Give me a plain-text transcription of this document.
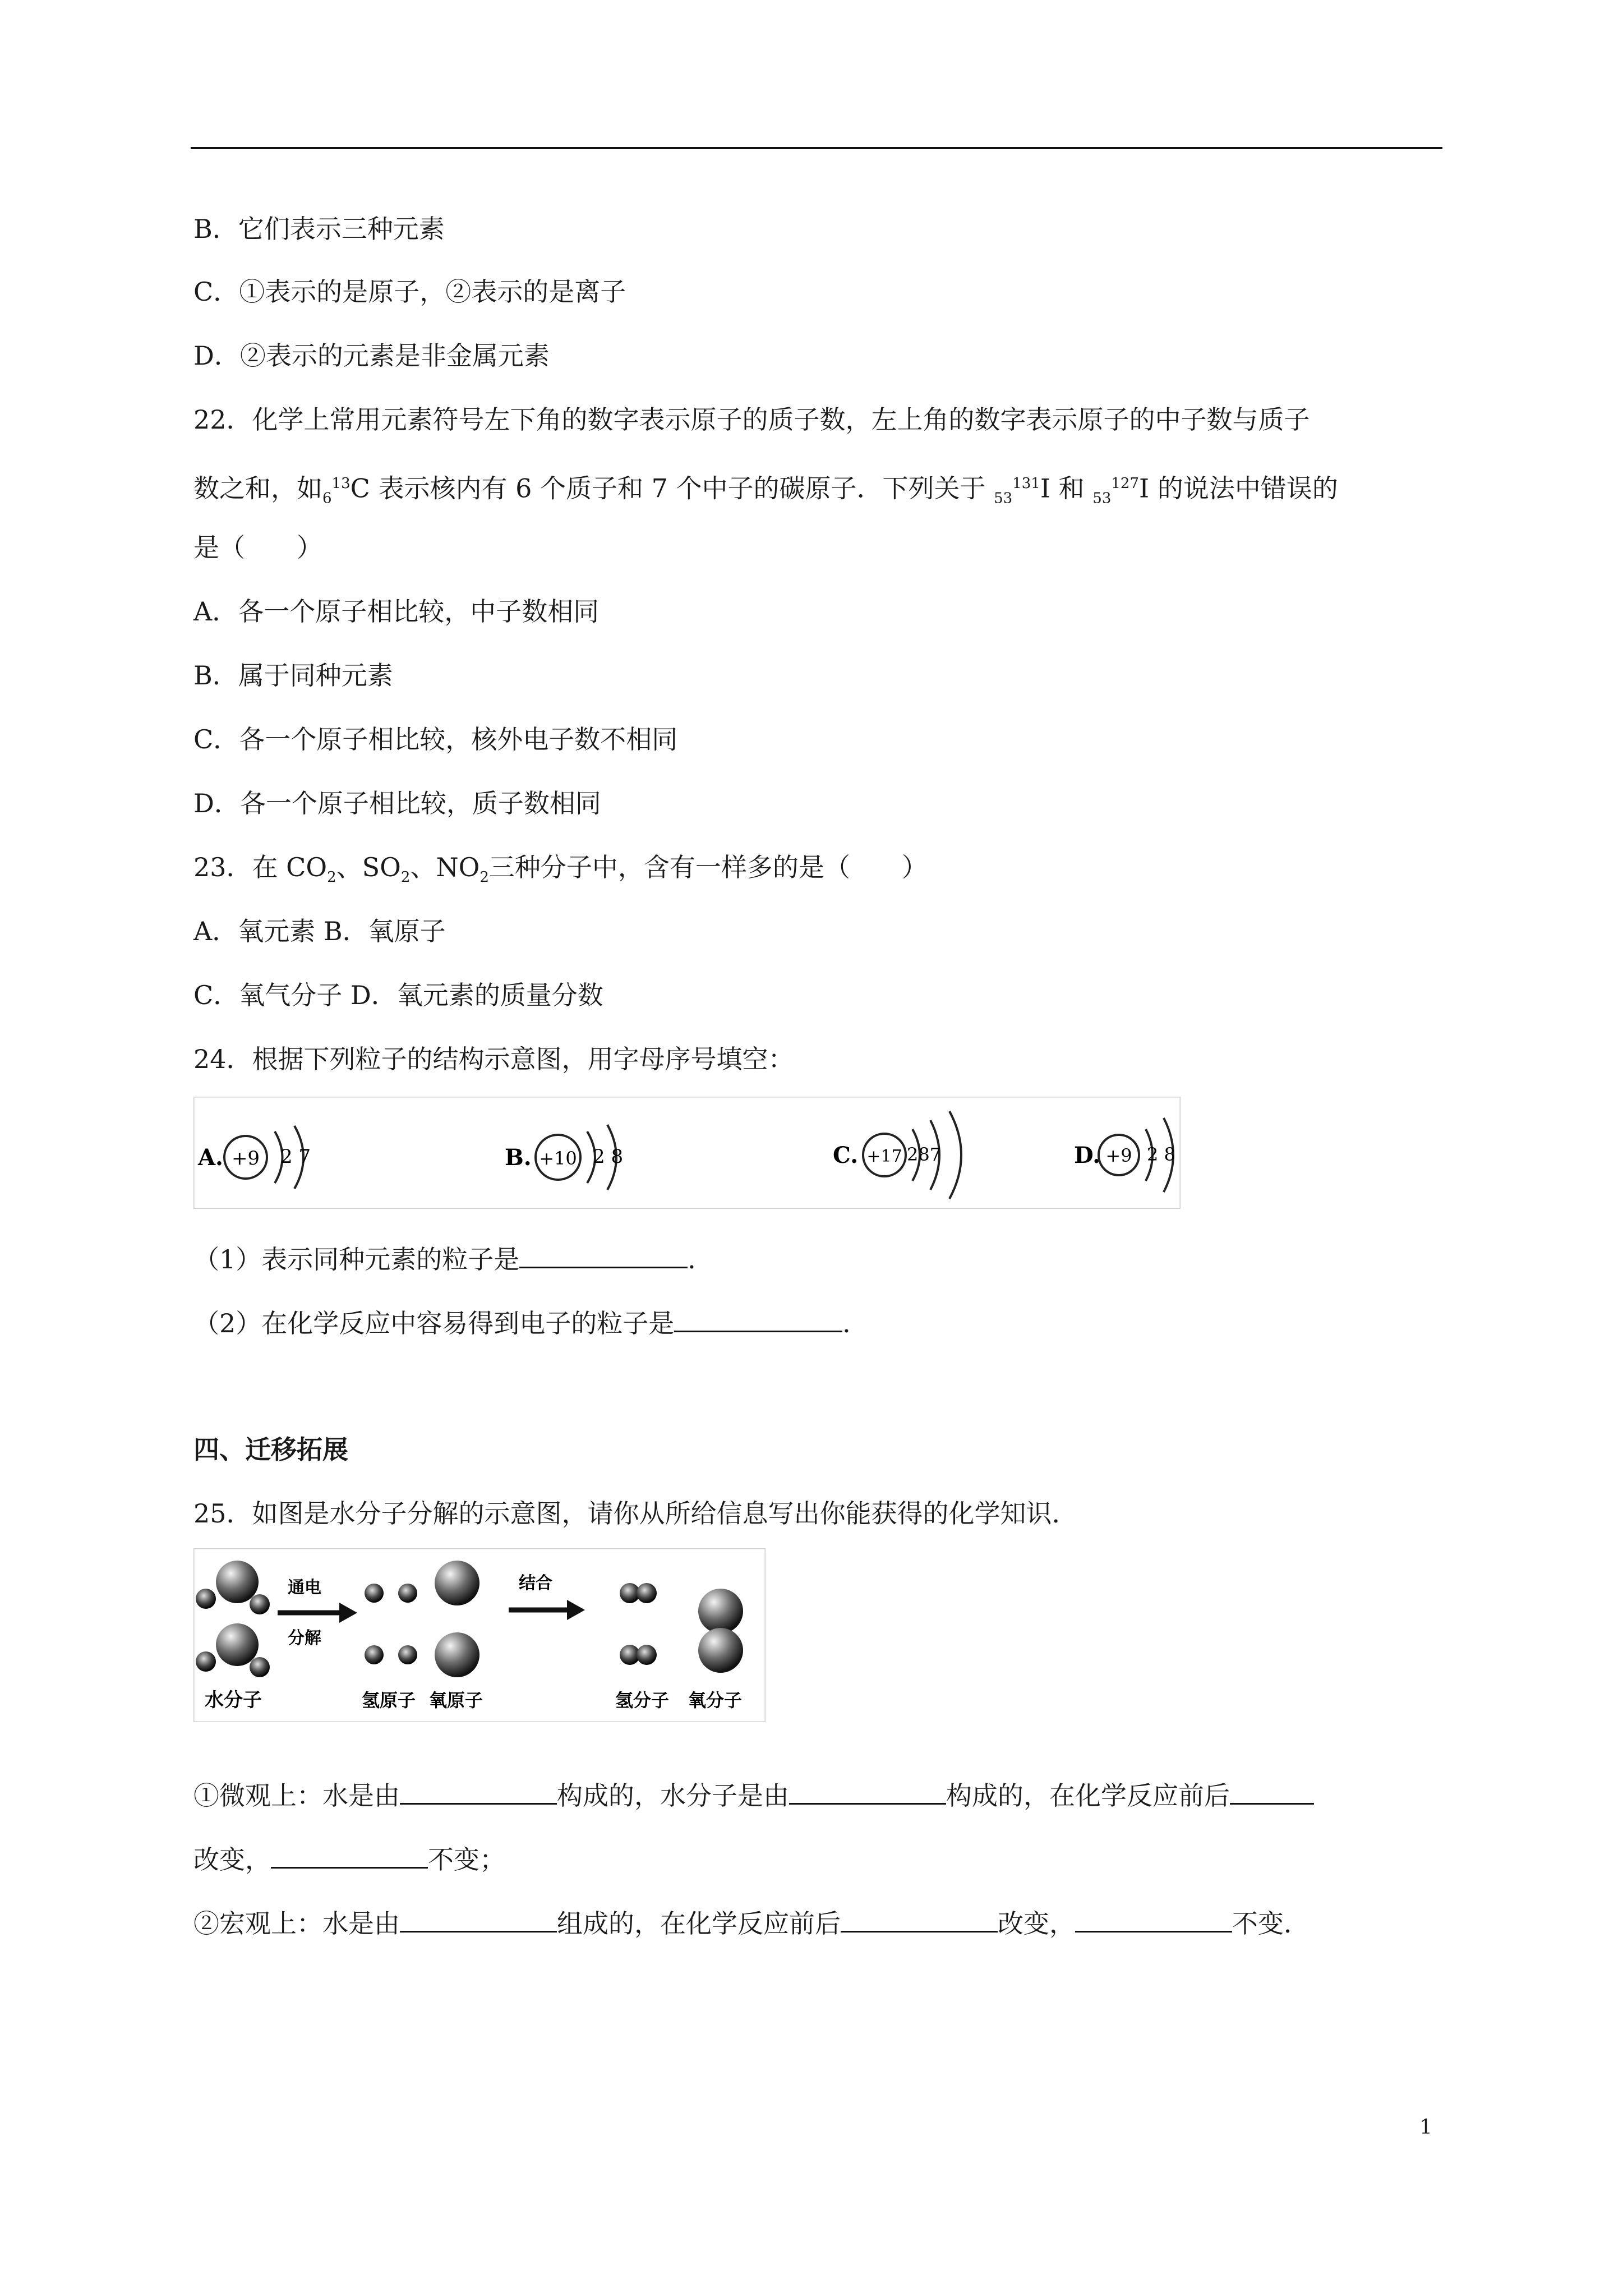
B．它们表示三种元素
C．①表示的是原子，②表示的是离子
D．②表示的元素是非金属元素
22．化学上常用元素符号左下角的数字表示原子的质子数，左上角的数字表示原子的中子数与质子
数之和，如$_6^{13}$C 表示核内有 6 个质子和 7 个中子的碳原子．下列关于 $_{53}^{131}$I 和 $_{53}^{127}$I 的说法中错误的
是（　　）
A．各一个原子相比较，中子数相同
B．属于同种元素
C．各一个原子相比较，核外电子数不相同
D．各一个原子相比较，质子数相同
23．在 $CO_2$、$SO_2$、$NO_2$三种分子中，含有一样多的是（　　）
A．氧元素 B．氧原子
C．氧气分子 D．氧元素的质量分数
24．根据下列粒子的结构示意图，用字母序号填空：
A. +9 2 7	B. +10 2 8	C. +17 287	D. +9 2 8
（1）表示同种元素的粒子是	．
（2）在化学反应中容易得到电子的粒子是	．
四、迁移拓展
25．如图是水分子分解的示意图，请你从所给信息写出你能获得的化学知识．
水分子
通电
分解
氢原子 氧原子
结合
氢分子 氧分子
①微观上：水是由	构成的，水分子是由	构成的，在化学反应前后
改变，	不变；
②宏观上：水是由	组成的，在化学反应前后	改变，	不变．
1
